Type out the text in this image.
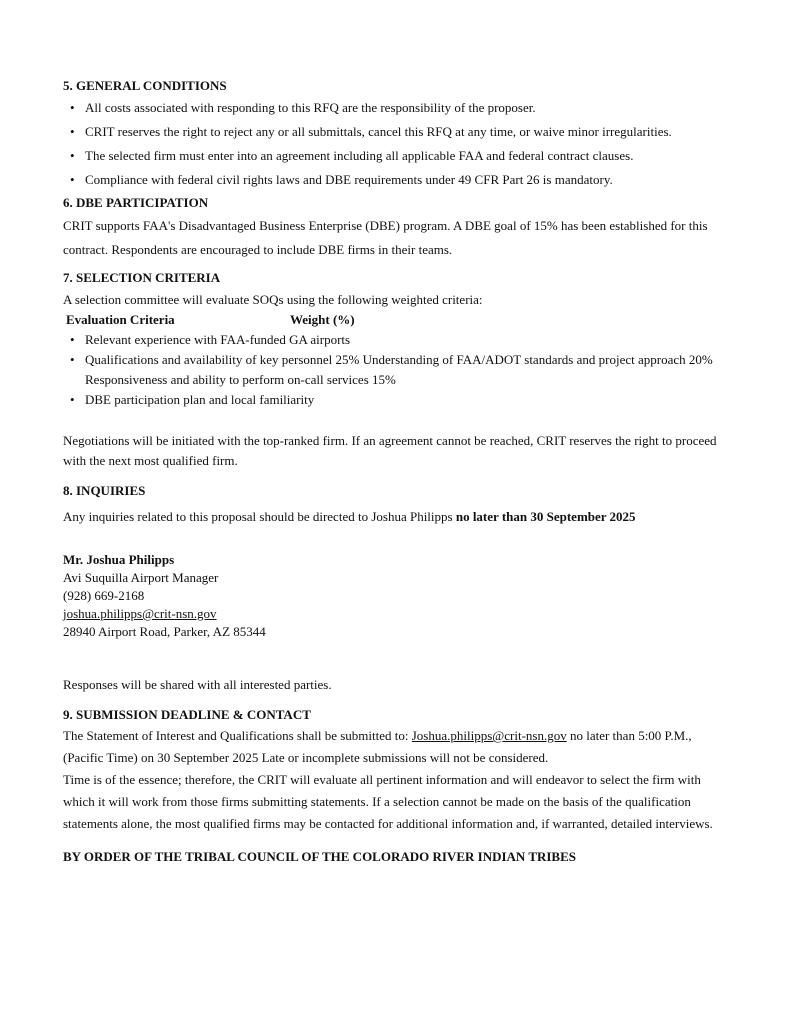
5. GENERAL CONDITIONS
• All costs associated with responding to this RFQ are the responsibility of the proposer.
• CRIT reserves the right to reject any or all submittals, cancel this RFQ at any time, or waive minor irregularities.
• The selected firm must enter into an agreement including all applicable FAA and federal contract clauses.
• Compliance with federal civil rights laws and DBE requirements under 49 CFR Part 26 is mandatory.
6. DBE PARTICIPATION

CRIT supports FAA's Disadvantaged Business Enterprise (DBE) program. A DBE goal of 15% has been established for this contract. Respondents are encouraged to include DBE firms in their teams.

7. SELECTION CRITERIA

A selection committee will evaluate SOQs using the following weighted criteria:

Evaluation Criteria	Weight (%)
• Relevant experience with FAA-funded GA airports
• Qualifications and availability of key personnel 25% Understanding of FAA/ADOT standards and project approach 20% Responsiveness and ability to perform on-call services 15%
• DBE participation plan and local familiarity

Negotiations will be initiated with the top-ranked firm. If an agreement cannot be reached, CRIT reserves the right to proceed with the next most qualified firm.

8. INQUIRIES

Any inquiries related to this proposal should be directed to Joshua Philipps no later than 30 September 2025

Mr. Joshua Philipps
Avi Suquilla Airport Manager
(928) 669-2168
joshua.philipps@crit-nsn.gov
28940 Airport Road, Parker, AZ 85344

Responses will be shared with all interested parties.

9. SUBMISSION DEADLINE & CONTACT

The Statement of Interest and Qualifications shall be submitted to: Joshua.philipps@crit-nsn.gov no later than 5:00 P.M., (Pacific Time) on 30 September 2025 Late or incomplete submissions will not be considered.

Time is of the essence; therefore, the CRIT will evaluate all pertinent information and will endeavor to select the firm with which it will work from those firms submitting statements. If a selection cannot be made on the basis of the qualification statements alone, the most qualified firms may be contacted for additional information and, if warranted, detailed interviews.

BY ORDER OF THE TRIBAL COUNCIL OF THE COLORADO RIVER INDIAN TRIBES
